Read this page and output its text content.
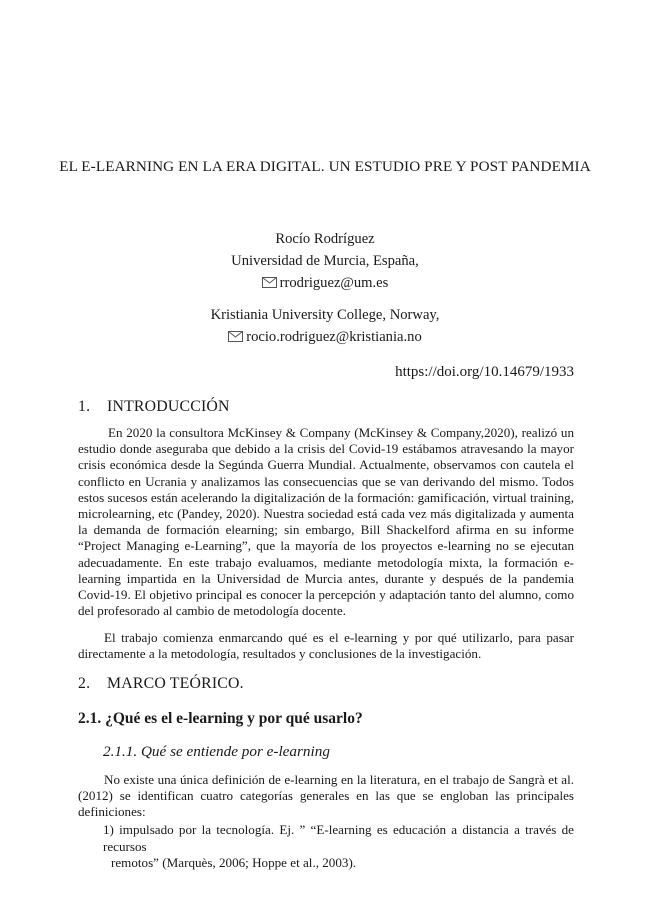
EL E-LEARNING EN LA ERA DIGITAL. UN ESTUDIO PRE Y POST PANDEMIA
Rocío Rodríguez
Universidad de Murcia, España,
rrodriguez@um.es
Kristiania University College, Norway,
rocio.rodriguez@kristiania.no
https://doi.org/10.14679/1933
1. INTRODUCCIÓN

En 2020 la consultora McKinsey & Company (McKinsey & Company,2020), realizó un estudio donde aseguraba que debido a la crisis del Covid-19 estábamos atravesando la mayor crisis económica desde la Segúnda Guerra Mundial. Actualmente, observamos con cautela el conflicto en Ucrania y analizamos las consecuencias que se van derivando del mismo. Todos estos sucesos están acelerando la digitalización de la formación: gamificación, virtual training, microlearning, etc (Pandey, 2020). Nuestra sociedad está cada vez más digitalizada y aumenta la demanda de formación elearning; sin embargo, Bill Shackelford afirma en su informe “Project Managing e-Learning”, que la mayoría de los proyectos e-learning no se ejecutan adecuadamente. En este trabajo evaluamos, mediante metodología mixta, la formación e-learning impartida en la Universidad de Murcia antes, durante y después de la pandemia Covid-19. El objetivo principal es conocer la percepción y adaptación tanto del alumno, como del profesorado al cambio de metodología docente.

El trabajo comienza enmarcando qué es el e-learning y por qué utilizarlo, para pasar directamente a la metodología, resultados y conclusiones de la investigación.

2. MARCO TEÓRICO.
2.1. ¿Qué es el e-learning y por qué usarlo?
2.1.1. Qué se entiende por e-learning

No existe una única definición de e-learning en la literatura, en el trabajo de Sangrà et al. (2012) se identifican cuatro categorías generales en las que se engloban las principales definiciones:

1) impulsado por la tecnología. Ej. ” “E-learning es educación a distancia a través de recursos
remotos” (Marquès, 2006; Hoppe et al., 2003).
